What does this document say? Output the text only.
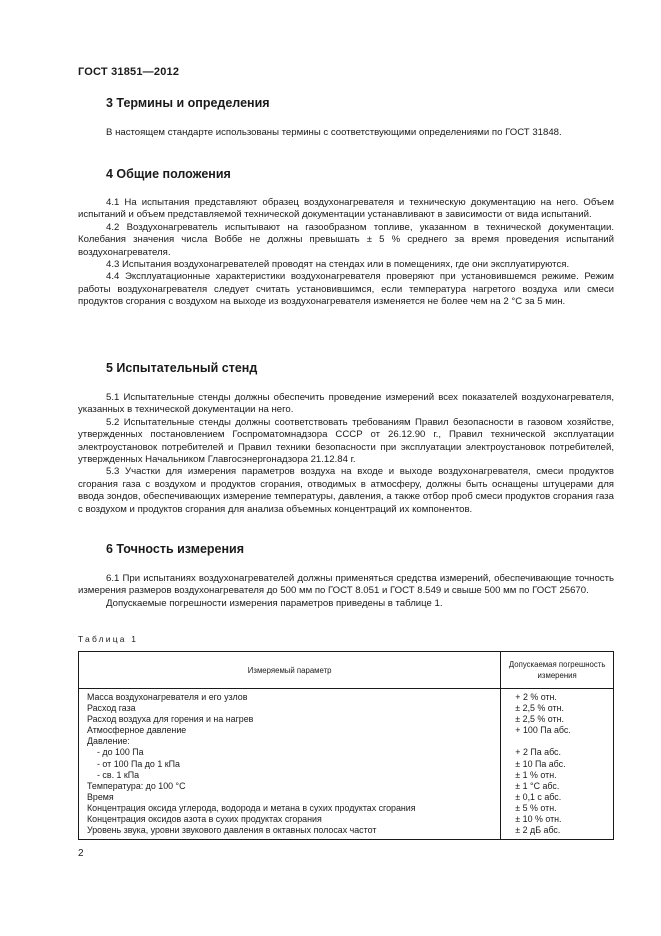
ГОСТ 31851—2012
3 Термины и определения

В настоящем стандарте использованы термины с соответствующими определениями по ГОСТ 31848.

4 Общие положения

4.1 На испытания представляют образец воздухонагревателя и техническую документацию на него. Объем испытаний и объем представляемой технической документации устанавливают в зависимости от вида испытаний.

4.2 Воздухонагреватель испытывают на газообразном топливе, указанном в технической документации. Колебания значения числа Воббе не должны превышать ± 5 % среднего за время проведения испытаний воздухонагревателя.

4.3 Испытания воздухонагревателей проводят на стендах или в помещениях, где они эксплуатируются.

4.4 Эксплуатационные характеристики воздухонагревателя проверяют при установившемся режиме. Режим работы воздухонагревателя следует считать установившимся, если температура нагретого воздуха или смеси продуктов сгорания с воздухом на выходе из воздухонагревателя изменяется не более чем на 2 °С за 5 мин.

5 Испытательный стенд

5.1 Испытательные стенды должны обеспечить проведение измерений всех показателей воздухонагревателя, указанных в технической документации на него.

5.2 Испытательные стенды должны соответствовать требованиям Правил безопасности в газовом хозяйстве, утвержденных постановлением Госпроматомнадзора СССР от 26.12.90 г., Правил технической эксплуатации электроустановок потребителей и Правил техники безопасности при эксплуатации электроустановок потребителей, утвержденных Начальником Главгосэнергонадзора 21.12.84 г.

5.3 Участки для измерения параметров воздуха на входе и выходе воздухонагревателя, смеси продуктов сгорания газа с воздухом и продуктов сгорания, отводимых в атмосферу, должны быть оснащены штуцерами для ввода зондов, обеспечивающих измерение температуры, давления, а также отбор проб смеси продуктов сгорания газа с воздухом и продуктов сгорания для анализа объемных концентраций их компонентов.

6 Точность измерения

6.1 При испытаниях воздухонагревателей должны применяться средства измерений, обеспечивающие точность измерения размеров воздухонагревателя до 500 мм по ГОСТ 8.051 и ГОСТ 8.549 и свыше 500 мм по ГОСТ 25670.

Допускаемые погрешности измерения параметров приведены в таблице 1.

Таблица 1
Измеряемый параметр	Допускаемая погрешность измерения
Масса воздухонагревателя и его узлов	+ 2 % отн.
Расход газа	± 2,5 % отн.
Расход воздуха для горения и на нагрев	± 2,5 % отн.
Атмосферное давление	+ 100 Па абс.
Давление:	
- до 100 Па	+ 2 Па абс.
- от 100 Па до 1 кПа	± 10 Па абс.
- св. 1 кПа	± 1 % отн.
Температура: до 100 °С	± 1 °С абс.
Время	± 0,1 с абс.
Концентрация оксида углерода, водорода и метана в сухих продуктах сгорания	± 5 % отн.
Концентрация оксидов азота в сухих продуктах сгорания	± 10 % отн.
Уровень звука, уровни звукового давления в октавных полосах частот	± 2 дБ абс.
2
